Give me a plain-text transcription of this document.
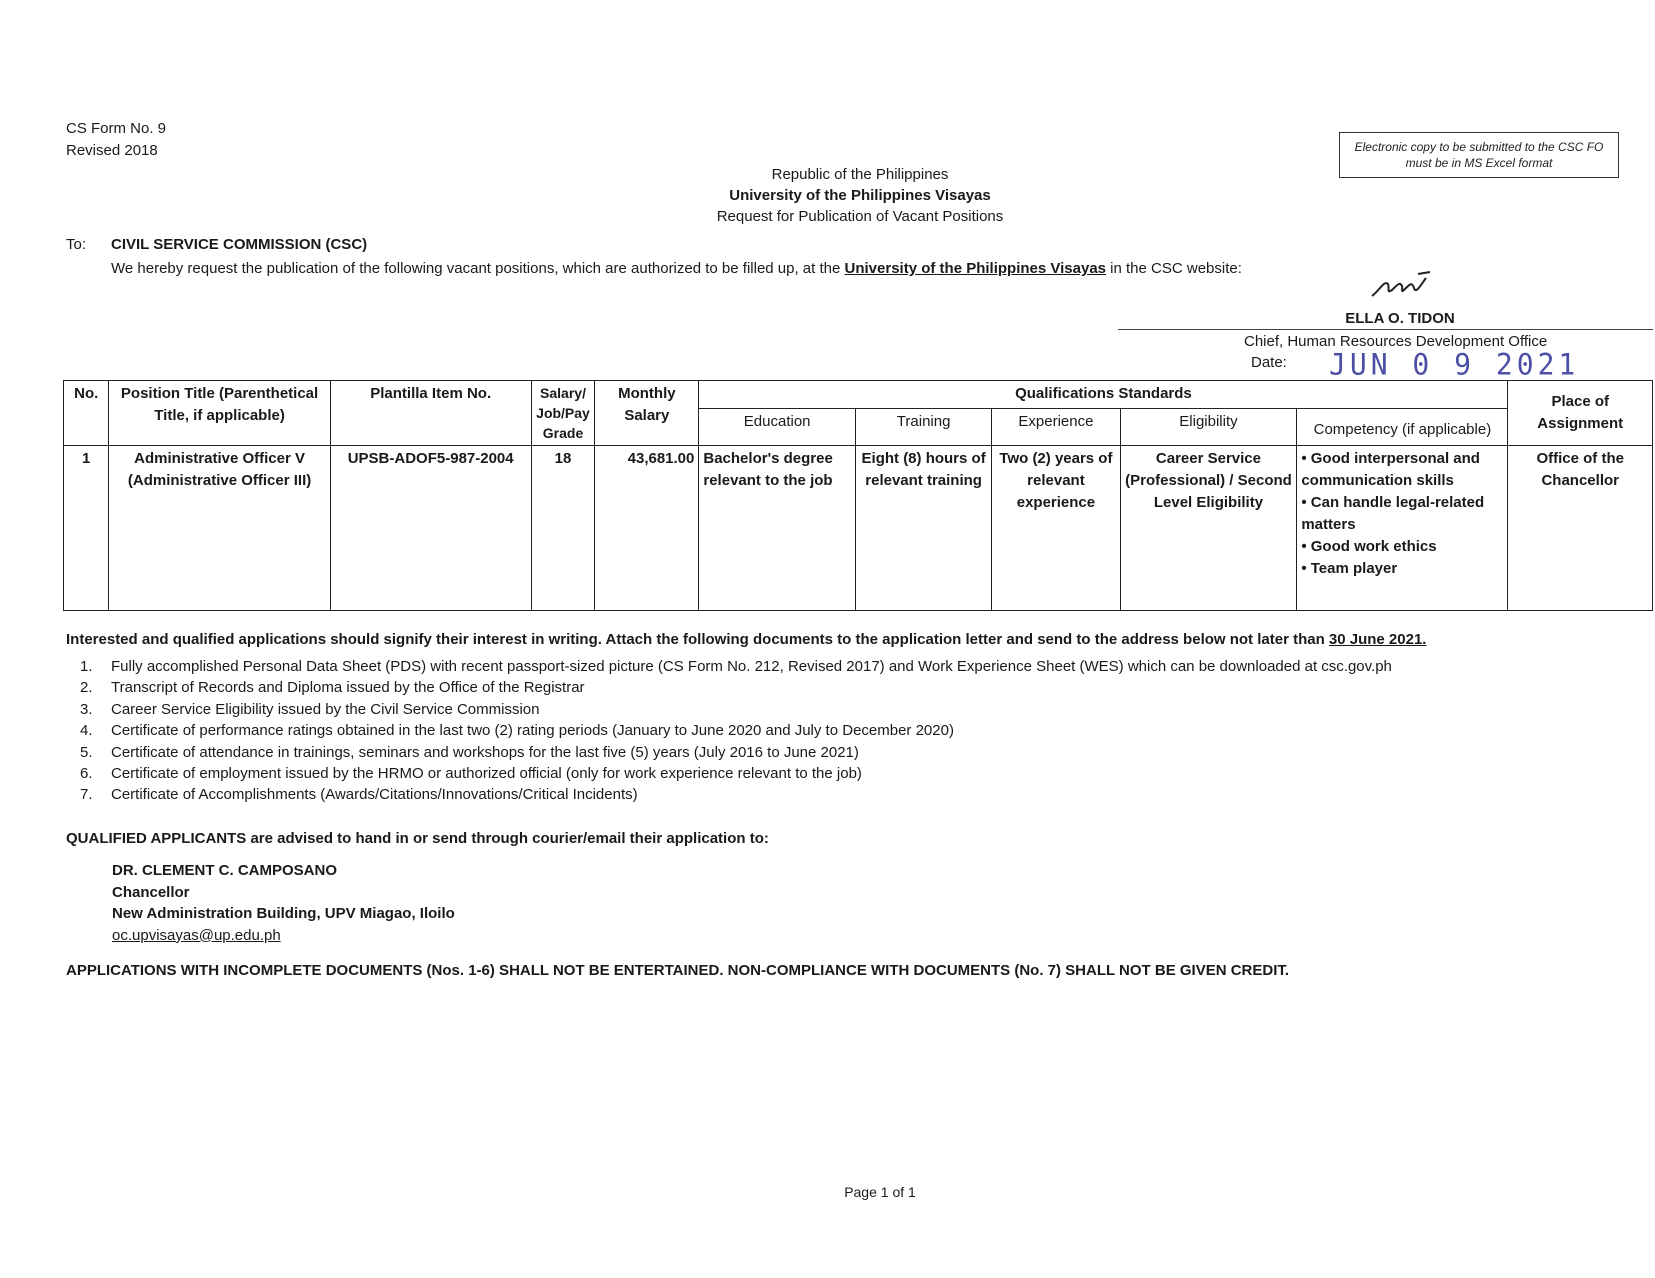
CS Form No. 9
Revised 2018	Electronic copy to be submitted to the CSC FO
must be in MS Excel format
Republic of the Philippines
University of the Philippines Visayas
Request for Publication of Vacant Positions
To: CIVIL SERVICE COMMISSION (CSC)
We hereby request the publication of the following vacant positions, which are authorized to be filled up, at the University of the Philippines Visayas in the CSC website:
ELLA O. TIDON
Chief, Human Resources Development Office
Date: JUN 0 9 2021
No.	Position Title (Parenthetical Title, if applicable)	Plantilla Item No.	Salary/ Job/Pay Grade	Monthly Salary	Qualifications Standards					Place of Assignment
					Education	Training	Experience	Eligibility	Competency (if applicable)	
1	Administrative Officer V (Administrative Officer III)	UPSB-ADOF5-987-2004	18	43,681.00	Bachelor's degree relevant to the job	Eight (8) hours of relevant training	Two (2) years of relevant experience	Career Service (Professional) / Second Level Eligibility	• Good interpersonal and communication skills
• Can handle legal-related matters
• Good work ethics
• Team player	Office of the Chancellor
Interested and qualified applications should signify their interest in writing. Attach the following documents to the application letter and send to the address below not later than 30 June 2021.
1. Fully accomplished Personal Data Sheet (PDS) with recent passport-sized picture (CS Form No. 212, Revised 2017) and Work Experience Sheet (WES) which can be downloaded at csc.gov.ph
2. Transcript of Records and Diploma issued by the Office of the Registrar
3. Career Service Eligibility issued by the Civil Service Commission
4. Certificate of performance ratings obtained in the last two (2) rating periods (January to June 2020 and July to December 2020)
5. Certificate of attendance in trainings, seminars and workshops for the last five (5) years (July 2016 to June 2021)
6. Certificate of employment issued by the HRMO or authorized official (only for work experience relevant to the job)
7. Certificate of Accomplishments (Awards/Citations/Innovations/Critical Incidents)
QUALIFIED APPLICANTS are advised to hand in or send through courier/email their application to:
DR. CLEMENT C. CAMPOSANO
Chancellor
New Administration Building, UPV Miagao, Iloilo
oc.upvisayas@up.edu.ph
APPLICATIONS WITH INCOMPLETE DOCUMENTS (Nos. 1-6) SHALL NOT BE ENTERTAINED. NON-COMPLIANCE WITH DOCUMENTS (No. 7) SHALL NOT BE GIVEN CREDIT.
Page 1 of 1
